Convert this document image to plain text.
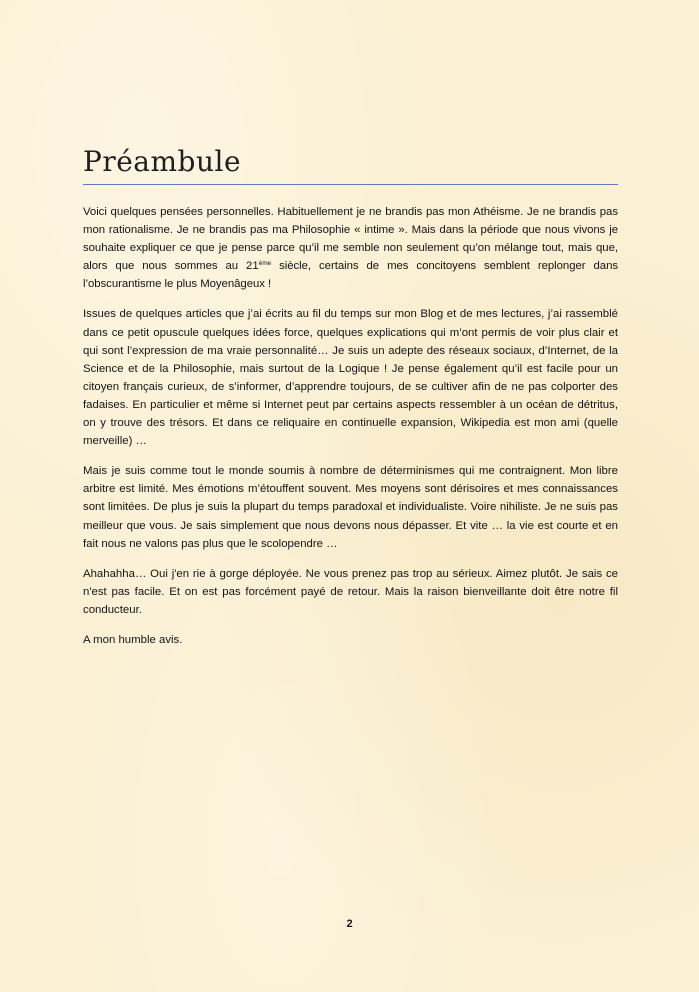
Préambule

Voici quelques pensées personnelles. Habituellement je ne brandis pas mon Athéisme. Je ne brandis pas mon rationalisme. Je ne brandis pas ma Philosophie « intime ». Mais dans la période que nous vivons je souhaite expliquer ce que je pense parce qu’il me semble non seulement qu’on mélange tout, mais que, alors que nous sommes au 21ème siècle, certains de mes concitoyens semblent replonger dans l’obscurantisme le plus Moyenâgeux !

Issues de quelques articles que j’ai écrits au fil du temps sur mon Blog et de mes lectures, j’ai rassemblé dans ce petit opuscule quelques idées force, quelques explications qui m’ont permis de voir plus clair et qui sont l’expression de ma vraie personnalité… Je suis un adepte des réseaux sociaux, d’Internet, de la Science et de la Philosophie, mais surtout de la Logique ! Je pense également qu’il est facile pour un citoyen français curieux, de s’informer, d’apprendre toujours, de se cultiver afin de ne pas colporter des fadaises. En particulier et même si Internet peut par certains aspects ressembler à un océan de détritus, on y trouve des trésors. Et dans ce reliquaire en continuelle expansion, Wikipedia est mon ami (quelle merveille) …

Mais je suis comme tout le monde soumis à nombre de déterminismes qui me contraignent. Mon libre arbitre est limité. Mes émotions m’étouffent souvent. Mes moyens sont dérisoires et mes connaissances sont limitées. De plus je suis la plupart du temps paradoxal et individualiste. Voire nihiliste. Je ne suis pas meilleur que vous. Je sais simplement que nous devons nous dépasser. Et vite … la vie est courte et en fait nous ne valons pas plus que le scolopendre …

Ahahahha… Oui j'en rie à gorge déployée. Ne vous prenez pas trop au sérieux. Aimez plutôt. Je sais ce n'est pas facile. Et on est pas forcément payé de retour. Mais la raison bienveillante doit être notre fil conducteur.

A mon humble avis.

2
